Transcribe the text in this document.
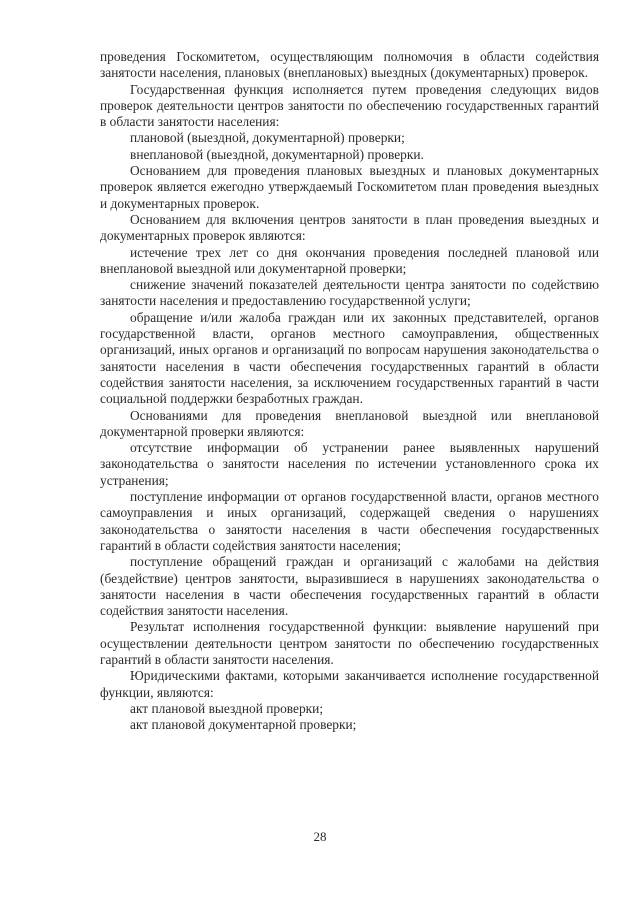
проведения Госкомитетом, осуществляющим полномочия в области содействия занятости населения, плановых (внеплановых) выездных (документарных) проверок.

Государственная функция исполняется путем проведения следующих видов проверок деятельности центров занятости по обеспечению государственных гарантий в области занятости населения:

плановой (выездной, документарной) проверки;

внеплановой (выездной, документарной) проверки.

Основанием для проведения плановых выездных и плановых документарных проверок является ежегодно утверждаемый Госкомитетом план проведения выездных и документарных проверок.

Основанием для включения центров занятости в план проведения выездных и документарных проверок являются:

истечение трех лет со дня окончания проведения последней плановой или внеплановой выездной или документарной проверки;

снижение значений показателей деятельности центра занятости по содействию занятости населения и предоставлению государственной услуги;

обращение и/или жалоба граждан или их законных представителей, органов государственной власти, органов местного самоуправления, общественных организаций, иных органов и организаций по вопросам нарушения законодательства о занятости населения в части обеспечения государственных гарантий в области содействия занятости населения, за исключением государственных гарантий в части социальной поддержки безработных граждан.

Основаниями для проведения внеплановой выездной или внеплановой документарной проверки являются:

отсутствие информации об устранении ранее выявленных нарушений законодательства о занятости населения по истечении установленного срока их устранения;

поступление информации от органов государственной власти, органов местного самоуправления и иных организаций, содержащей сведения о нарушениях законодательства о занятости населения в части обеспечения государственных гарантий в области содействия занятости населения;

поступление обращений граждан и организаций с жалобами на действия (бездействие) центров занятости, выразившиеся в нарушениях законодательства о занятости населения в части обеспечения государственных гарантий в области содействия занятости населения.

Результат исполнения государственной функции: выявление нарушений при осуществлении деятельности центром занятости по обеспечению государственных гарантий в области занятости населения.

Юридическими фактами, которыми заканчивается исполнение государственной функции, являются:

акт плановой выездной проверки;

акт плановой документарной проверки;

28
